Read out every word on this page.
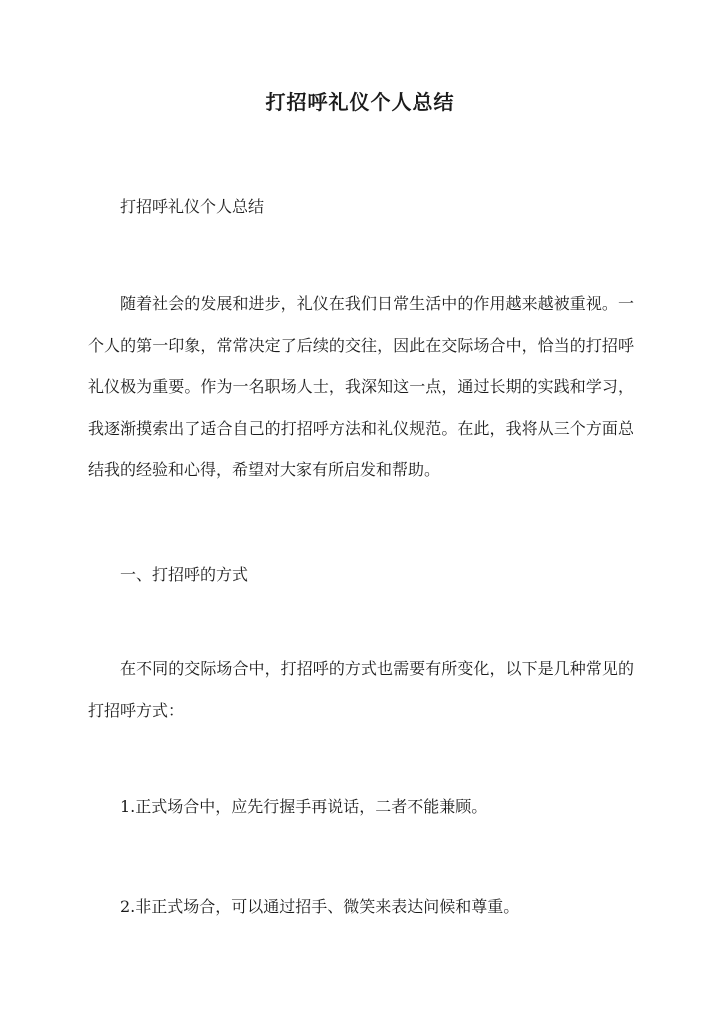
打招呼礼仪个人总结

打招呼礼仪个人总结

随着社会的发展和进步，礼仪在我们日常生活中的作用越来越被重视。一个人的第一印象，常常决定了后续的交往，因此在交际场合中，恰当的打招呼礼仪极为重要。作为一名职场人士，我深知这一点，通过长期的实践和学习，我逐渐摸索出了适合自己的打招呼方法和礼仪规范。在此，我将从三个方面总结我的经验和心得，希望对大家有所启发和帮助。

一、打招呼的方式

在不同的交际场合中，打招呼的方式也需要有所变化，以下是几种常见的打招呼方式：

1.正式场合中，应先行握手再说话，二者不能兼顾。

2.非正式场合，可以通过招手、微笑来表达问候和尊重。
